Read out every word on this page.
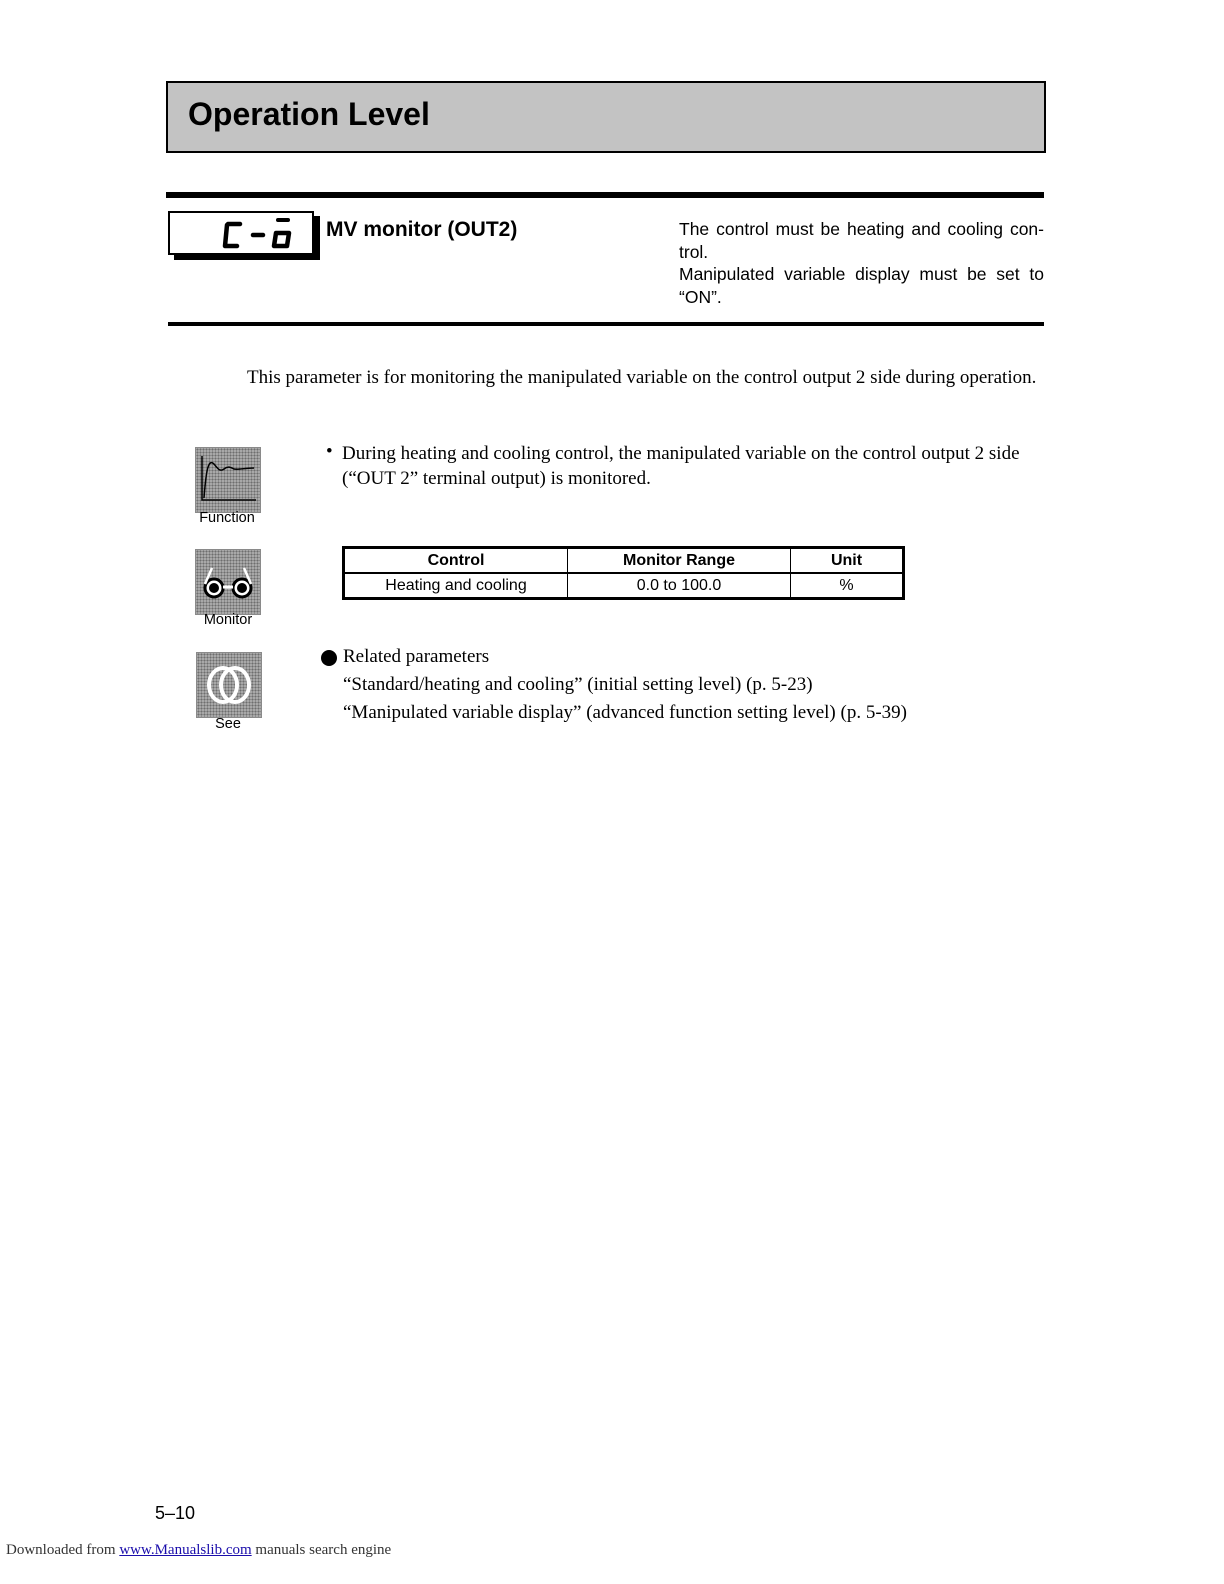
Operation Level
MV monitor (OUT2)	The control must be heating and cooling con-
trol.
Manipulated variable display must be set to
“ON”.
This parameter is for monitoring the manipulated variable on the control output 2 side during operation.
Function
Monitor
See
• During heating and cooling control, the manipulated variable on the control output 2 side (“OUT 2” terminal output) is monitored.
Control	Monitor Range	Unit
Heating and cooling	0.0 to 100.0	%
Related parameters
“Standard/heating and cooling” (initial setting level) (p. 5-23)
“Manipulated variable display” (advanced function setting level) (p. 5-39)
5–10
Downloaded from www.Manualslib.com manuals search engine
